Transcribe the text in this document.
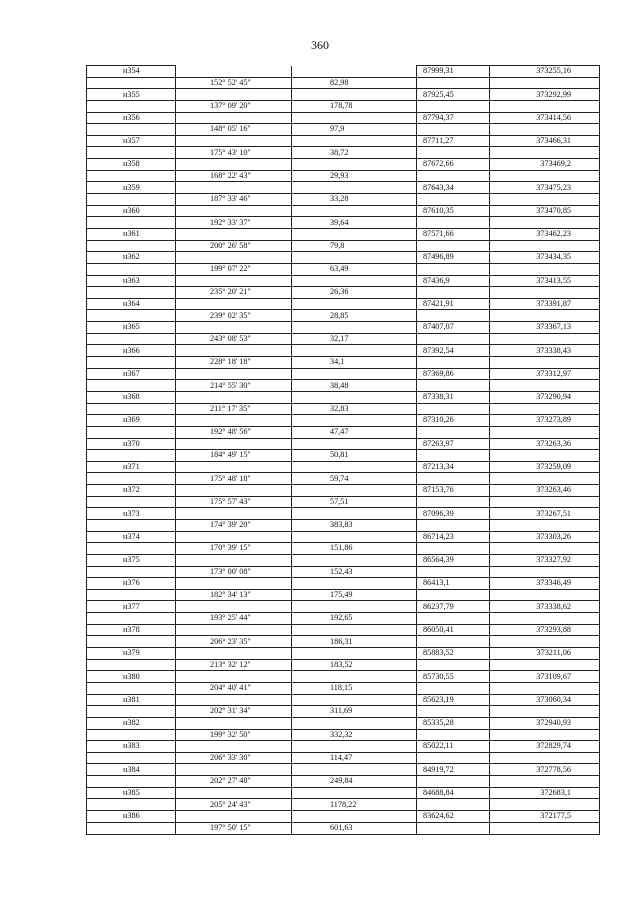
360
н354			87999,31	373255,16
	152° 52' 45"	82,98		
н355			87925,45	373292,99
	137° 09' 20"	178,78		
н356			87794,37	373414,56
	148° 05' 16"	97,9		
н357			87711,27	373466,31
	175° 43' 10"	38,72		
н358			87672,66	373469,2
	168° 22' 43"	29,93		
н359			87643,34	373475,23
	187° 33' 46"	33,28		
н360			87610,35	373470,85
	192° 33' 37"	39,64		
н361			87571,66	373462,23
	200° 26' 58"	79,8		
н362			87496,89	373434,35
	199° 07' 22"	63,49		
н363			87436,9	373413,55
	235° 20' 21"	26,36		
н364			87421,91	373391,87
	239° 02' 35"	28,85		
н365			87407,07	373367,13
	243° 08' 53"	32,17		
н366			87392,54	373338,43
	228° 18' 18"	34,1		
н367			87369,86	373312,97
	214° 55' 30"	38,48		
н368			87338,31	373290,94
	211° 17' 35"	32,83		
н369			87310,26	373273,89
	192° 48' 56"	47,47		
н370			87263,97	373263,36
	184° 49' 15"	50,81		
н371			87213,34	373259,09
	175° 48' 18"	59,74		
н372			87153,76	373263,46
	175° 57' 43"	57,51		
н373			87096,39	373267,51
	174° 39' 20"	383,83		
н374			86714,23	373303,26
	170° 39' 15"	151,86		
н375			86564,39	373327,92
	173° 00' 08"	152,43		
н376			86413,1	373346,49
	182° 34' 13"	175,49		
н377			86237,79	373338,62
	193° 25' 44"	192,65		
н378			86050,41	373293,88
	206° 23' 35"	186,31		
н379			85883,52	373211,06
	213° 32' 12"	183,52		
н380			85730,55	373109,67
	204° 40' 41"	118,15		
н381			85623,19	373060,34
	202° 31' 34"	311,69		
н382			85335,28	372940,93
	199° 32' 50"	332,32		
н383			85022,11	372829,74
	206° 33' 30"	114,47		
н384			84919,72	372778,56
	202° 27' 48"	249,84		
н385			84688,84	372683,1
	205° 24' 43"	1178,22		
н386			83624,62	372177,5
	197° 50' 15"	601,63		
